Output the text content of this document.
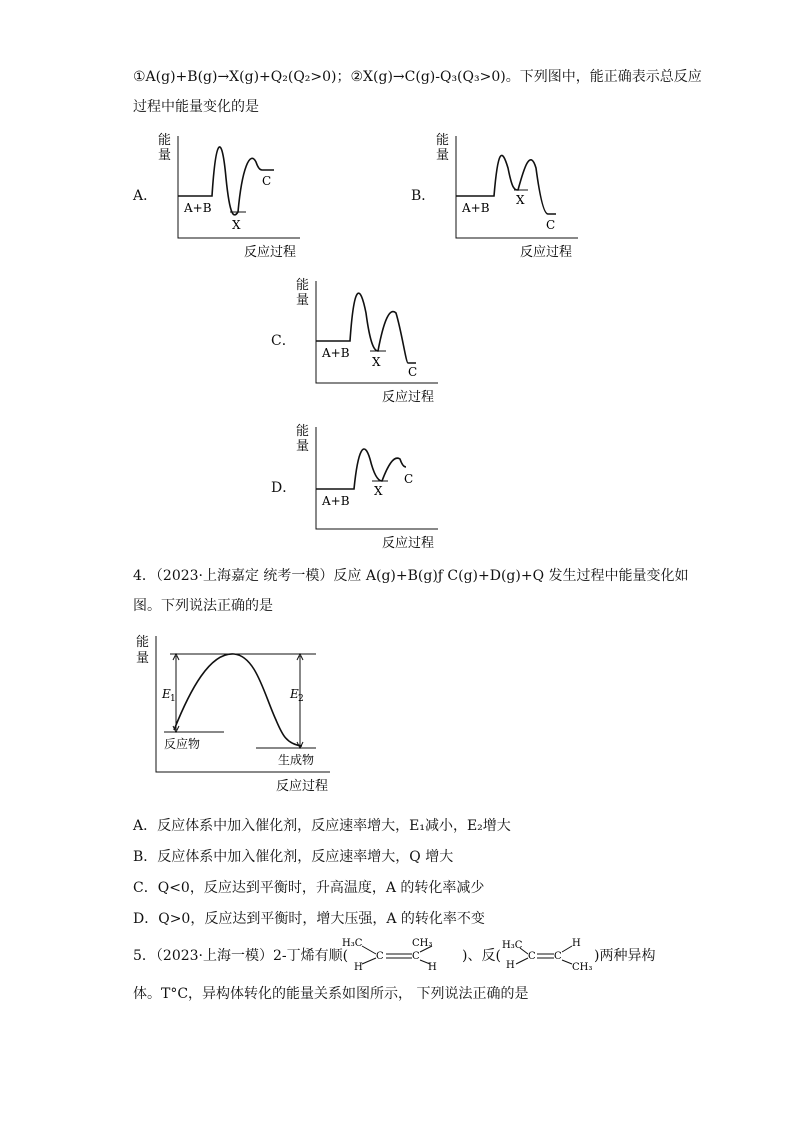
①A(g)+B(g)→X(g)+Q₂(Q₂>0)；②X(g)→C(g)-Q₃(Q₃>0)。下列图中，能正确表示总反应
过程中能量变化的是
A．
能
量
A+B
X
C
反应过程
B．
能
量
A+B
X
C
反应过程
C．
能
量
A+B
X
C
反应过程
D．
能
量
A+B
X
C
反应过程
4．（2023·上海嘉定 统考一模）反应 A(g)+B(g)ƒ C(g)+D(g)+Q 发生过程中能量变化如
图。下列说法正确的是
能
量
E 1	E 2
反应物
生成物
反应过程
A．反应体系中加入催化剂，反应速率增大，E₁减小，E₂增大
B．反应体系中加入催化剂，反应速率增大，Q 增大
C．Q<0，反应达到平衡时，升高温度，A 的转化率减少
D．Q>0，反应达到平衡时，增大压强，A 的转化率不变
5．（2023·上海一模）2-丁烯有顺(
H₃C	CH₃
H	H
C	C	)、反(
H₃C	H
H	CH₃
C C )两种异构
体。T°C，异构体转化的能量关系如图所示， 下列说法正确的是
